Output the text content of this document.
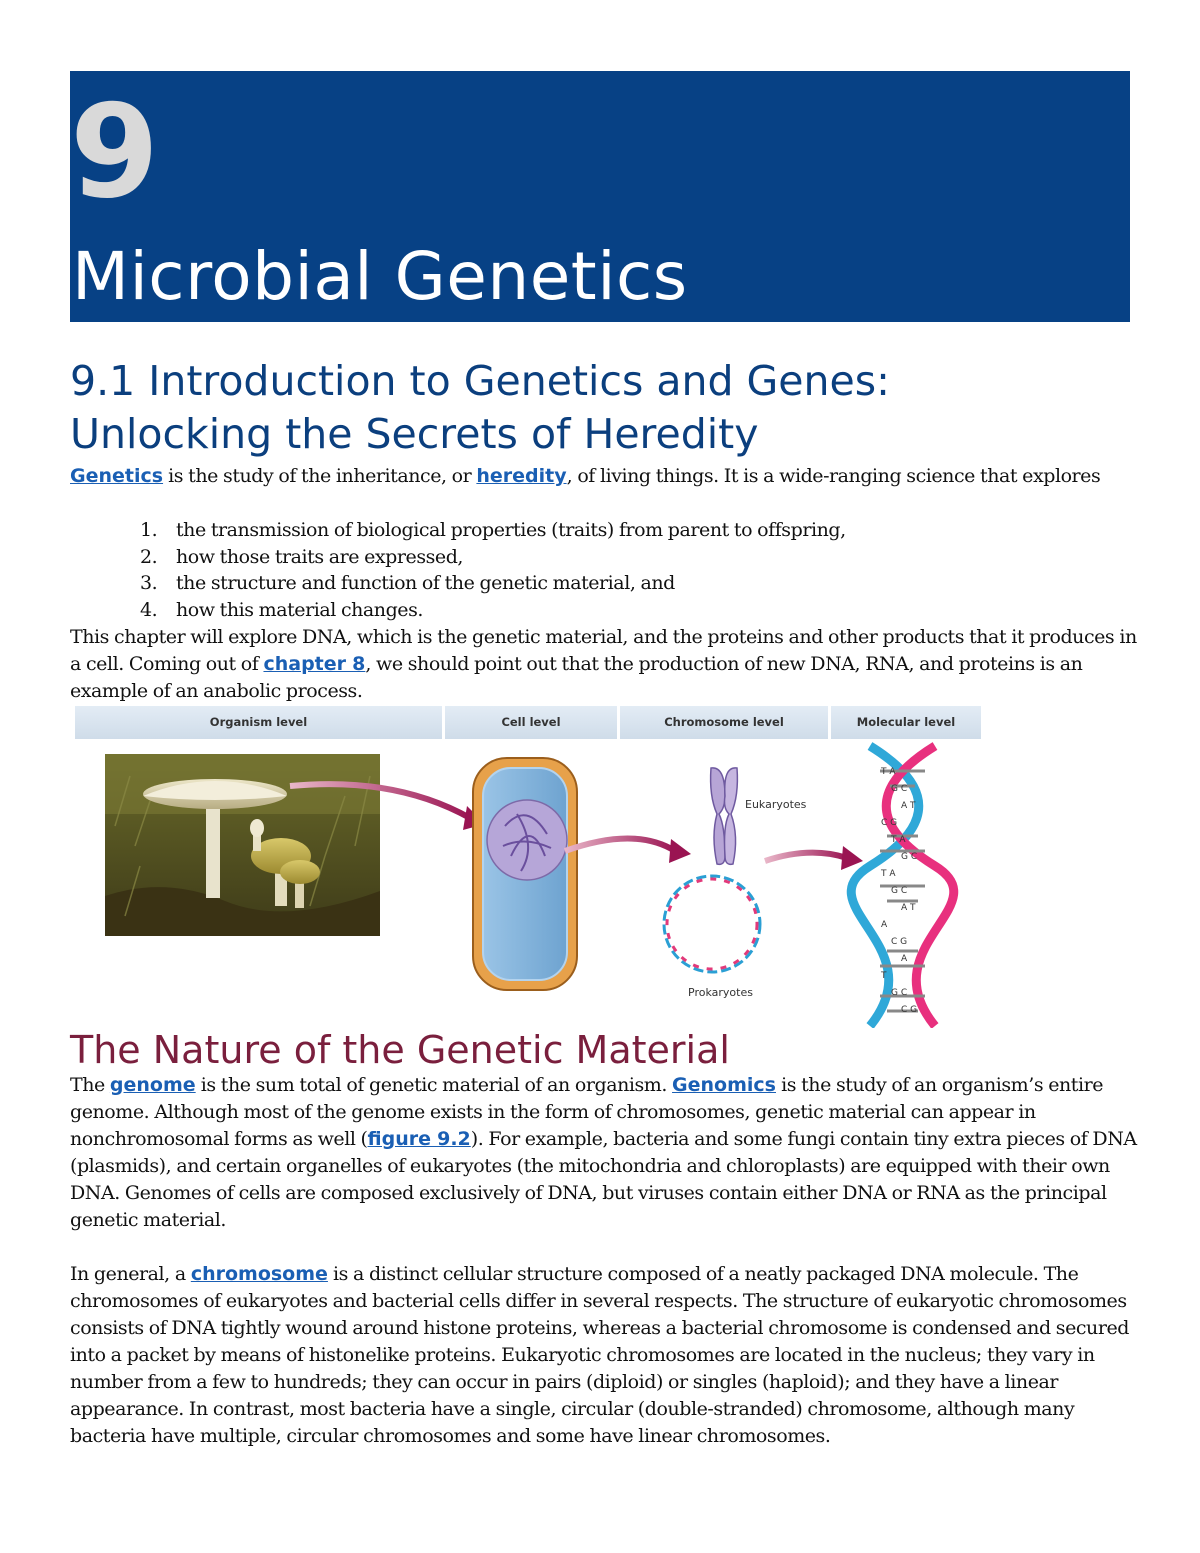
9
Microbial Genetics
9.1 Introduction to Genetics and Genes:
Unlocking the Secrets of Heredity

Genetics is the study of the inheritance, or heredity, of living things. It is a wide-ranging science that explores

1. the transmission of biological properties (traits) from parent to offspring,
2. how those traits are expressed,
3. the structure and function of the genetic material, and
4. how this material changes.

This chapter will explore DNA, which is the genetic material, and the proteins and other products that it produces in a cell. Coming out of chapter 8, we should point out that the production of new DNA, RNA, and proteins is an example of an anabolic process.

Organism level	Cell level	Chromosome level	Molecular level
Eukaryotes
Prokaryotes
T A
G C
A T
C G
T A
G C
T A
G C
A T
A
C G
A
T
G C
C G
The Nature of the Genetic Material

The genome is the sum total of genetic material of an organism. Genomics is the study of an organism’s entire genome. Although most of the genome exists in the form of chromosomes, genetic material can appear in nonchromosomal forms as well (figure 9.2). For example, bacteria and some fungi contain tiny extra pieces of DNA (plasmids), and certain organelles of eukaryotes (the mitochondria and chloroplasts) are equipped with their own DNA. Genomes of cells are composed exclusively of DNA, but viruses contain either DNA or RNA as the principal genetic material.

In general, a chromosome is a distinct cellular structure composed of a neatly packaged DNA molecule. The chromosomes of eukaryotes and bacterial cells differ in several respects. The structure of eukaryotic chromosomes consists of DNA tightly wound around histone proteins, whereas a bacterial chromosome is condensed and secured into a packet by means of histonelike proteins. Eukaryotic chromosomes are located in the nucleus; they vary in number from a few to hundreds; they can occur in pairs (diploid) or singles (haploid); and they have a linear appearance. In contrast, most bacteria have a single, circular (double-stranded) chromosome, although many bacteria have multiple, circular chromosomes and some have linear chromosomes.
